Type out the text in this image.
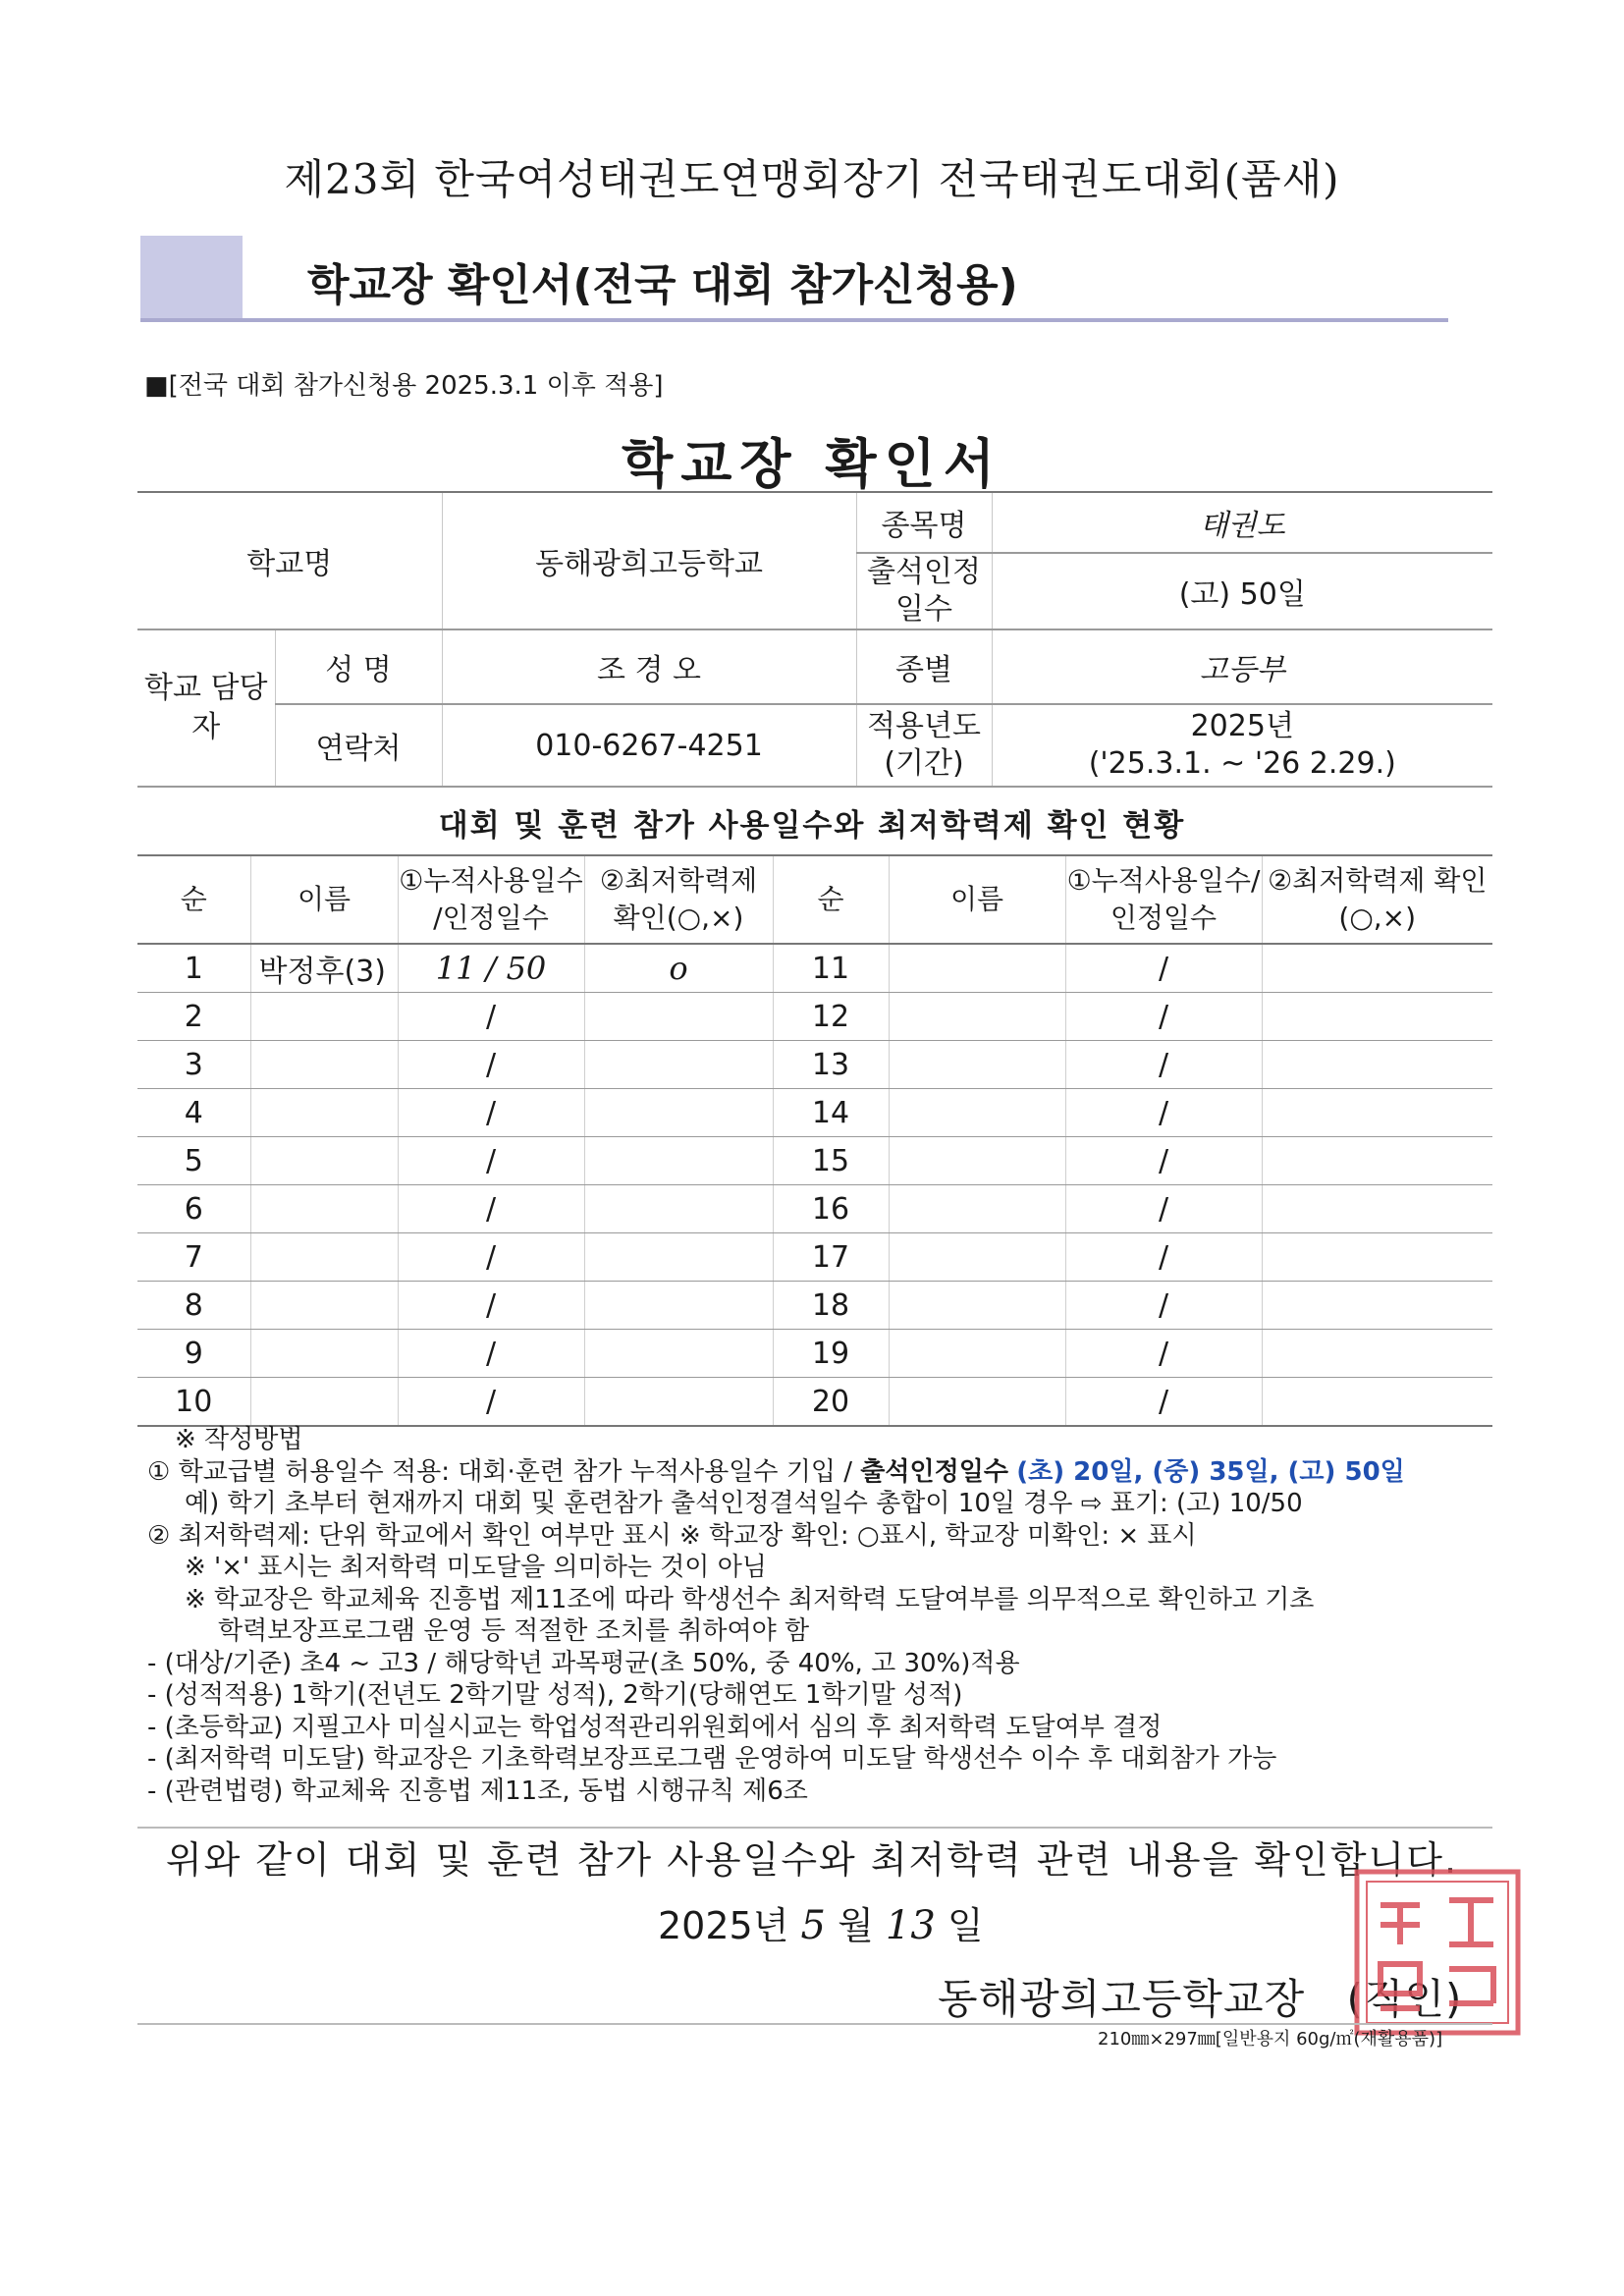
제23회 한국여성태권도연맹회장기 전국태권도대회(품새)
학교장 확인서(전국 대회 참가신청용)
■[전국 대회 참가신청용 2025.3.1 이후 적용]
학교장 확인서
학교명		동해광희고등학교	종목명	태권도
			출석인정 일수	(고) 50일
학교 담당자	성 명	조 경 오	종별	고등부
	연락처	010-6267-4251	적용년도 (기간)	2025년
('25.3.1. ~ '26 2.29.)
대회 및 훈련 참가 사용일수와 최저학력제 확인 현황
순	이름	①누적사용일수 /인정일수	②최저학력제 확인(○,×)	순	이름	①누적사용일수/ 인정일수	②최저학력제 확인(○,×)
1	박정후(3)	11 / 50	o	11		/	
2		/		12		/	
3		/		13		/	
4		/		14		/	
5		/		15		/	
6		/		16		/	
7		/		17		/	
8		/		18		/	
9		/		19		/	
10		/		20		/	
※ 작성방법
① 학교급별 허용일수 적용: 대회·훈련 참가 누적사용일수 기입 / 출석인정일수 (초) 20일, (중) 35일, (고) 50일
예) 학기 초부터 현재까지 대회 및 훈련참가 출석인정결석일수 총합이 10일 경우 ⇨ 표기: (고) 10/50
② 최저학력제: 단위 학교에서 확인 여부만 표시 ※ 학교장 확인: ○표시, 학교장 미확인: × 표시
※ '×' 표시는 최저학력 미도달을 의미하는 것이 아님
※ 학교장은 학교체육 진흥법 제11조에 따라 학생선수 최저학력 도달여부를 의무적으로 확인하고 기초
학력보장프로그램 운영 등 적절한 조치를 취하여야 함
- (대상/기준) 초4 ~ 고3 / 해당학년 과목평균(초 50%, 중 40%, 고 30%)적용
- (성적적용) 1학기(전년도 2학기말 성적), 2학기(당해연도 1학기말 성적)
- (초등학교) 지필고사 미실시교는 학업성적관리위원회에서 심의 후 최저학력 도달여부 결정
- (최저학력 미도달) 학교장은 기초학력보장프로그램 운영하여 미도달 학생선수 이수 후 대회참가 가능
- (관련법령) 학교체육 진흥법 제11조, 동법 시행규칙 제6조
위와 같이 대회 및 훈련 참가 사용일수와 최저학력 관련 내용을 확인합니다.
2025년 5 월 13 일
동해광희고등학교장 (직인)
210㎜×297㎜[일반용지 60g/㎡(재활용품)]
